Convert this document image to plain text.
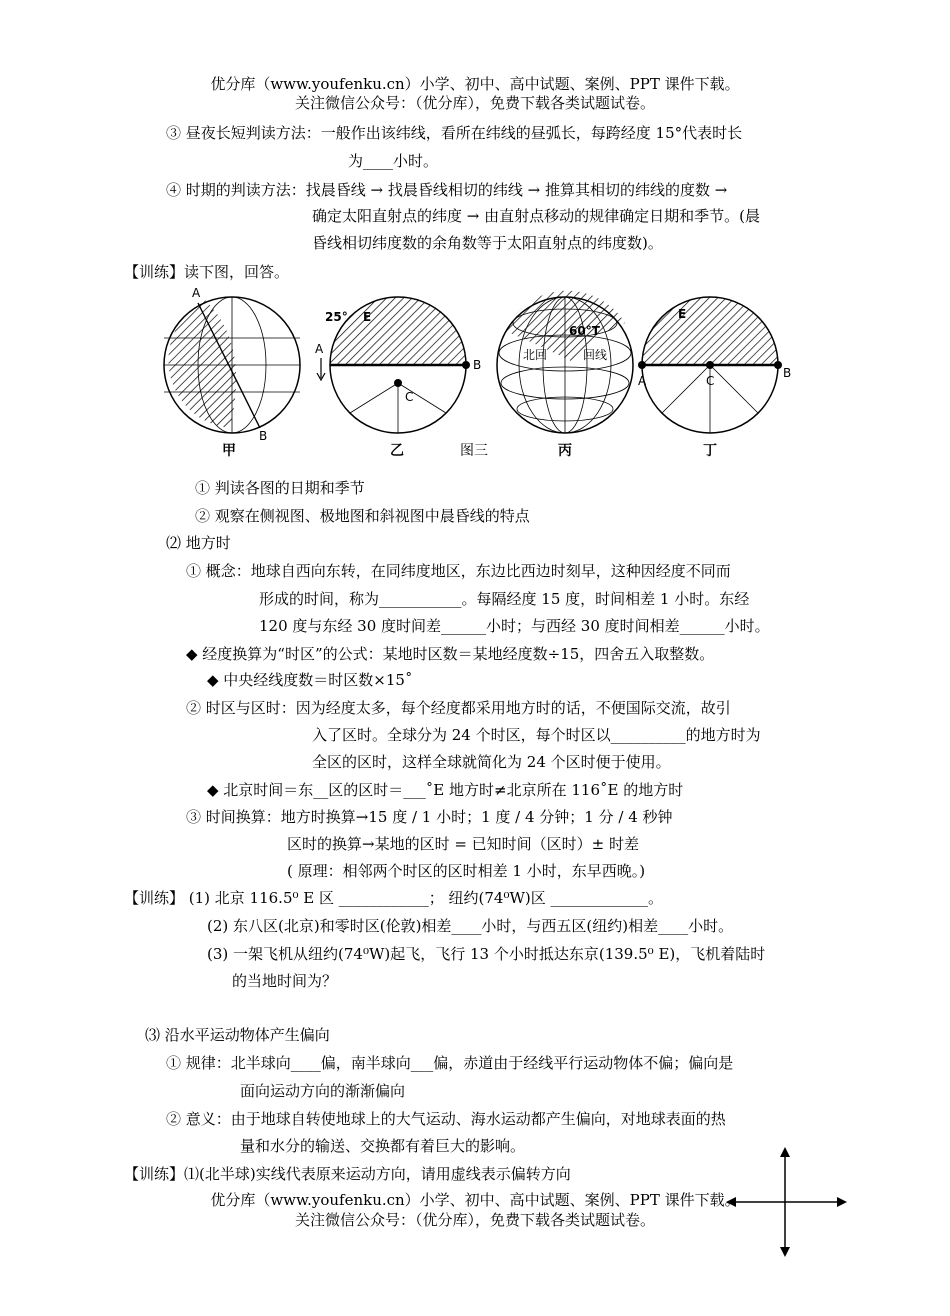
优分库（www.youfenku.cn）小学、初中、高中试题、案例、PPT 课件下载。
关注微信公众号：（优分库），免费下载各类试题试卷。
③ 昼夜长短判读方法：一般作出该纬线，看所在纬线的昼弧长，每跨经度 15°代表时长
为____小时。
④ 时期的判读方法：找晨昏线 → 找晨昏线相切的纬线 → 推算其相切的纬线的度数 →
确定太阳直射点的纬度 → 由直射点移动的规律确定日期和季节。(晨
昏线相切纬度数的余角数等于太阳直射点的纬度数)。
【训练】读下图，回答。
A
B
25° E
A
B
C
60°T
北回	回线
E
A	C
B
甲	乙	图三	丙	丁
① 判读各图的日期和季节
② 观察在侧视图、极地图和斜视图中晨昏线的特点
⑵ 地方时
① 概念：地球自西向东转，在同纬度地区，东边比西边时刻早，这种因经度不同而
形成的时间，称为___________。每隔经度 15 度，时间相差 1 小时。东经
120 度与东经 30 度时间差______小时；与西经 30 度时间相差______小时。
◆ 经度换算为“时区”的公式：某地时区数＝某地经度数÷15，四舍五入取整数。
◆ 中央经线度数＝时区数×15˚
② 时区与区时：因为经度太多，每个经度都采用地方时的话，不便国际交流，故引
入了区时。全球分为 24 个时区，每个时区以__________的地方时为
全区的区时，这样全球就简化为 24 个区时便于使用。
◆ 北京时间＝东__区的区时＝___˚E 地方时≠北京所在 116˚E 的地方时
③ 时间换算：地方时换算→15 度 / 1 小时；1 度 / 4 分钟；1 分 / 4 秒钟
区时的换算→某地的区时 = 已知时间（区时）± 时差
( 原理：相邻两个时区的区时相差 1 小时，东早西晚。)
【训练】 (1) 北京 116.5⁰ E 区 ____________； 纽约(74⁰W)区 _____________。
(2) 东八区(北京)和零时区(伦敦)相差____小时，与西五区(纽约)相差____小时。
(3) 一架飞机从纽约(74⁰W)起飞，飞行 13 个小时抵达东京(139.5⁰ E)，飞机着陆时
的当地时间为？
⑶ 沿水平运动物体产生偏向
① 规律：北半球向____偏，南半球向___偏，赤道由于经线平行运动物体不偏；偏向是
面向运动方向的渐渐偏向
② 意义：由于地球自转使地球上的大气运动、海水运动都产生偏向，对地球表面的热
量和水分的输送、交换都有着巨大的影响。
【训练】⑴(北半球)实线代表原来运动方向，请用虚线表示偏转方向
优分库（www.youfenku.cn）小学、初中、高中试题、案例、PPT 课件下载。
关注微信公众号：（优分库），免费下载各类试题试卷。
